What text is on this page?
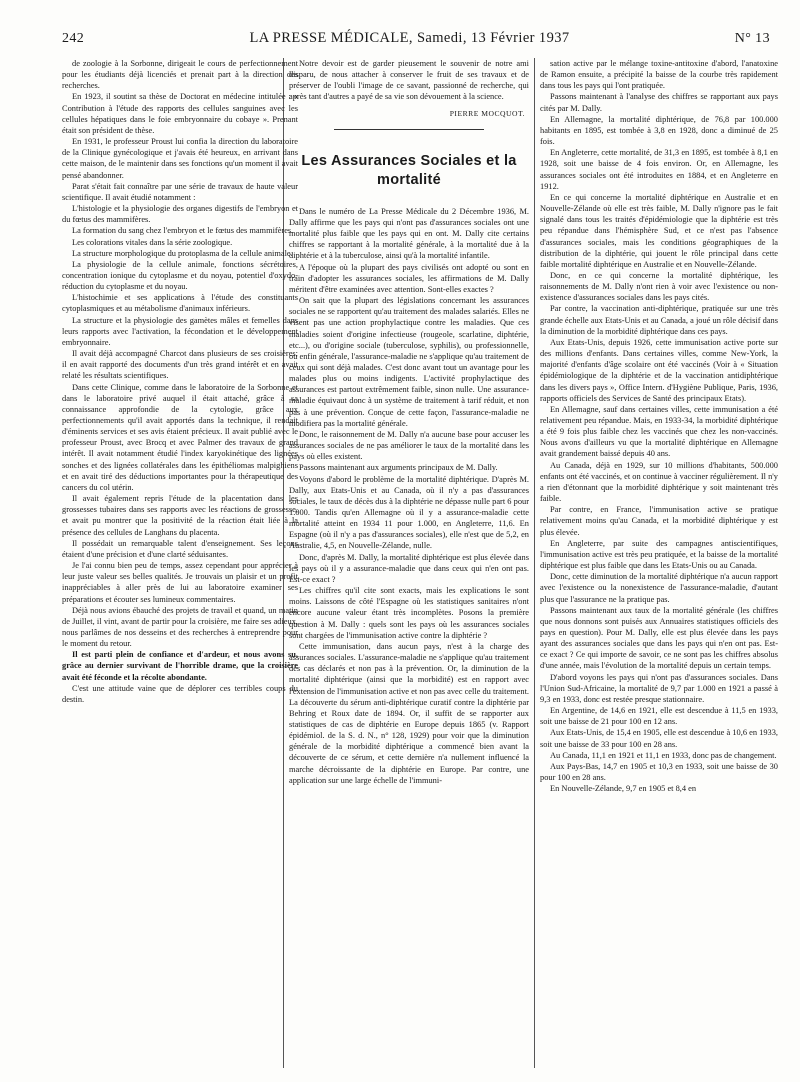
242	LA PRESSE MÉDICALE, Samedi, 13 Février 1937	N° 13

de zoologie à la Sorbonne, dirigeait le cours de perfectionnement pour les étudiants déjà licenciés et prenait part à la direction des recherches.

En 1923, il soutint sa thèse de Doctorat en médecine intitulée : « Contribution à l'étude des rapports des cellules sanguines avec les cellules hépatiques dans le foie embryonnaire du cobaye ». Prenant était son président de thèse.

En 1931, le professeur Proust lui confia la direction du laboratoire de la Clinique gynécologique et j'avais été heureux, en arrivant dans cette maison, de le maintenir dans ses fonctions qu'un moment il avait pensé abandonner.

Parat s'était fait connaître par une série de travaux de haute valeur scientifique. Il avait étudié notamment :

L'histologie et la physiologie des organes digestifs de l'embryon et du fœtus des mammifères.

La formation du sang chez l'embryon et le fœtus des mammifères.

Les colorations vitales dans la série zoologique.

La structure morphologique du protoplasma de la cellule animale.

La physiologie de la cellule animale, fonctions sécrétoires, concentration ionique du cytoplasme et du noyau, potentiel d'oxydo-réduction du cytoplasme et du noyau.

L'histochimie et ses applications à l'étude des constituants cytoplasmiques et au métabolisme d'animaux inférieurs.

La structure et la physiologie des gamètes mâles et femelles dans leurs rapports avec l'activation, la fécondation et le développement embryonnaire.

Il avait déjà accompagné Charcot dans plusieurs de ses croisières; il en avait rapporté des documents d'un très grand intérêt et en avait relaté les résultats scientifiques.

Dans cette Clinique, comme dans le laboratoire de la Sorbonne et dans le laboratoire privé auquel il était attaché, grâce à sa connaissance approfondie de la cytologie, grâce aux perfectionnements qu'il avait apportés dans la technique, il rendait d'éminents services et ses avis étaient précieux. Il avait publié avec le professeur Proust, avec Brocq et avec Palmer des travaux de grand intérêt. Il avait notamment étudié l'index karyokinétique des lignées sonches et des lignées collatérales dans les épithéliomas malpighiens et en avait tiré des déductions importantes pour la thérapeutique des cancers du col utérin.

Il avait également repris l'étude de la placentation dans les grossesses tubaires dans ses rapports avec les réactions de grossesse, et avait pu montrer que la positivité de la réaction était liée à la présence des cellules de Langhans du placenta.

Il possédait un remarquable talent d'enseignement. Ses leçons étaient d'une précision et d'une clarté séduisantes.

Je l'ai connu bien peu de temps, assez cependant pour apprécier à leur juste valeur ses belles qualités. Je trouvais un plaisir et un profit inappréciables à aller près de lui au laboratoire examiner ses préparations et écouter ses lumineux commentaires.

Déjà nous avions ébauché des projets de travail et quand, un matin de Juillet, il vint, avant de partir pour la croisière, me faire ses adieux, nous parlâmes de nos desseins et des recherches à entreprendre pour le moment du retour.

Il est parti plein de confiance et d'ardeur, et nous avons su, grâce au dernier survivant de l'horrible drame, que la croisière avait été féconde et la récolte abondante.

C'est une attitude vaine que de déplorer ces terribles coups du destin.

Notre devoir est de garder pieusement le souvenir de notre ami disparu, de nous attacher à conserver le fruit de ses travaux et de préserver de l'oubli l'image de ce savant, passionné de recherche, qui après tant d'autres a payé de sa vie son dévouement à la science.

PIERRE MOCQUOT.
Les Assurances Sociales et la mortalité

Dans le numéro de La Presse Médicale du 2 Décembre 1936, M. Dally affirme que les pays qui n'ont pas d'assurances sociales ont une mortalité plus faible que les pays qui en ont. M. Dally cite certains chiffres se rapportant à la mortalité générale, à la mortalité due à la diphtérie et à la tuberculose, ainsi qu'à la mortalité infantile.

A l'époque où la plupart des pays civilisés ont adopté ou sont en train d'adopter les assurances sociales, les affirmations de M. Dally méritent d'être examinées avec attention. Sont-elles exactes ?

On sait que la plupart des législations concernant les assurances sociales ne se rapportent qu'au traitement des malades salariés. Elles ne visent pas une action prophylactique contre les maladies. Que ces maladies soient d'origine infectieuse (rougeole, scarlatine, diphtérie, etc...), ou d'origine sociale (tuberculose, syphilis), ou professionnelle, ou enfin générale, l'assurance-maladie ne s'applique qu'au traitement de ceux qui sont déjà malades. C'est donc avant tout un avantage pour les malades plus ou moins indigents. L'activité prophylactique des assurances est partout extrêmement faible, sinon nulle. Une assurance-maladie équivaut donc à un système de traitement à tarif réduit, et non pas à une prévention. Conçue de cette façon, l'assurance-maladie ne modifiera pas la mortalité générale.

Donc, le raisonnement de M. Dally n'a aucune base pour accuser les assurances sociales de ne pas améliorer le taux de la mortalité dans les pays où elles existent.

Passons maintenant aux arguments principaux de M. Dally.

Voyons d'abord le problème de la mortalité diphtérique. D'après M. Dally, aux Etats-Unis et au Canada, où il n'y a pas d'assurances sociales, le taux de décès dus à la diphtérie ne dépasse nulle part 6 pour 1.000. Tandis qu'en Allemagne où il y a assurance-maladie cette mortalité atteint en 1934 11 pour 1.000, en Angleterre, 11,6. En Espagne (où il n'y a pas d'assurances sociales), elle n'est que de 5,2, en Australie, 4,5, en Nouvelle-Zélande, nulle.

Donc, d'après M. Dally, la mortalité diphtérique est plus élevée dans les pays où il y a assurance-maladie que dans ceux qui n'en ont pas. Est-ce exact ?

Les chiffres qu'il cite sont exacts, mais les explications le sont moins. Laissons de côté l'Espagne où les statistiques sanitaires n'ont encore aucune valeur étant très incomplètes. Posons la première question à M. Dally : quels sont les pays où les assurances sociales sont chargées de l'immunisation active contre la diphtérie ?

Cette immunisation, dans aucun pays, n'est à la charge des assurances sociales. L'assurance-maladie ne s'applique qu'au traitement des cas déclarés et non pas à la prévention. Or, la diminution de la mortalité diphtérique (ainsi que la morbidité) est en rapport avec l'extension de l'immunisation active et non pas avec celle du traitement. La découverte du sérum anti-diphtérique curatif contre la diphtérie par Behring et Roux date de 1894. Or, il suffit de se rapporter aux statistiques de cas de diphtérie en Europe depuis 1865 (v. Rapport épidémiol. de la S. d. N., n° 128, 1929) pour voir que la diminution générale de la morbidité diphtérique a commencé bien avant la découverte de ce sérum, et cette dernière n'a nullement influencé la marche décroissante de la diphtérie en Europe. Par contre, une application sur une large échelle de l'immuni-

sation active par le mélange toxine-antitoxine d'abord, l'anatoxine de Ramon ensuite, a précipité la baisse de la courbe très rapidement dans tous les pays qui l'ont pratiquée.

Passons maintenant à l'analyse des chiffres se rapportant aux pays cités par M. Dally.

En Allemagne, la mortalité diphtérique, de 76,8 par 100.000 habitants en 1895, est tombée à 3,8 en 1928, donc a diminué de 25 fois.

En Angleterre, cette mortalité, de 31,3 en 1895, est tombée à 8,1 en 1928, soit une baisse de 4 fois environ. Or, en Allemagne, les assurances sociales ont été introduites en 1884, et en Angleterre en 1912.

En ce qui concerne la mortalité diphtérique en Australie et en Nouvelle-Zélande où elle est très faible, M. Dally n'ignore pas le fait signalé dans tous les traités d'épidémiologie que la diphtérie est très peu répandue dans l'hémisphère Sud, et ce n'est pas l'absence d'assurances sociales, mais les conditions géographiques de la distribution de la diphtérie, qui jouent le rôle principal dans cette faible mortalité diphtérique en Australie et en Nouvelle-Zélande.

Donc, en ce qui concerne la mortalité diphtérique, les raisonnements de M. Dally n'ont rien à voir avec l'existence ou non-existence d'assurances sociales dans les pays cités.

Par contre, la vaccination anti-diphtérique, pratiquée sur une très grande échelle aux Etats-Unis et au Canada, a joué un rôle décisif dans la diminution de la morbidité diphtérique dans ces pays.

Aux Etats-Unis, depuis 1926, cette immunisation active porte sur des millions d'enfants. Dans certaines villes, comme New-York, la majorité d'enfants d'âge scolaire ont été vaccinés (Voir à « Situation épidémiologique de la diphtérie et de la vaccination antidiphtérique dans les divers pays », Office Intern. d'Hygiène Publique, Paris, 1936, rapports officiels des Services de Santé des principaux Etats).

En Allemagne, sauf dans certaines villes, cette immunisation a été relativement peu répandue. Mais, en 1933-34, la morbidité diphtérique a été 9 fois plus faible chez les vaccinés que chez les non-vaccinés. Nous avons d'ailleurs vu que la mortalité diphtérique en Allemagne avait grandement baissé depuis 40 ans.

Au Canada, déjà en 1929, sur 10 millions d'habitants, 500.000 enfants ont été vaccinés, et on continue à vacciner régulièrement. Il n'y a rien d'étonnant que la morbidité diphtérique y soit maintenant très faible.

Par contre, en France, l'immunisation active se pratique relativement moins qu'au Canada, et la morbidité diphtérique y est plus élevée.

En Angleterre, par suite des campagnes antiscientifiques, l'immunisation active est très peu pratiquée, et la baisse de la mortalité diphtérique est plus faible que dans les Etats-Unis ou au Canada.

Donc, cette diminution de la mortalité diphtérique n'a aucun rapport avec l'existence ou la nonexistence de l'assurance-maladie, d'autant plus que l'assurance ne la pratique pas.

Passons maintenant aux taux de la mortalité générale (les chiffres que nous donnons sont puisés aux Annuaires statistiques officiels des pays en question). Pour M. Dally, elle est plus élevée dans les pays ayant des assurances sociales que dans les pays qui n'en ont pas. Est-ce exact ? Ce qui importe de savoir, ce ne sont pas les chiffres absolus d'une année, mais l'évolution de la mortalité depuis un certain temps.

D'abord voyons les pays qui n'ont pas d'assurances sociales. Dans l'Union Sud-Africaine, la mortalité de 9,7 par 1.000 en 1921 a passé à 9,3 en 1933, donc est restée presque stationnaire.

En Argentine, de 14,6 en 1921, elle est descendue à 11,5 en 1933, soit une baisse de 21 pour 100 en 12 ans.

Aux Etats-Unis, de 15,4 en 1905, elle est descendue à 10,6 en 1933, soit une baisse de 33 pour 100 en 28 ans.

Au Canada, 11,1 en 1921 et 11,1 en 1933, donc pas de changement.

Aux Pays-Bas, 14,7 en 1905 et 10,3 en 1933, soit une baisse de 30 pour 100 en 28 ans.

En Nouvelle-Zélande, 9,7 en 1905 et 8,4 en
